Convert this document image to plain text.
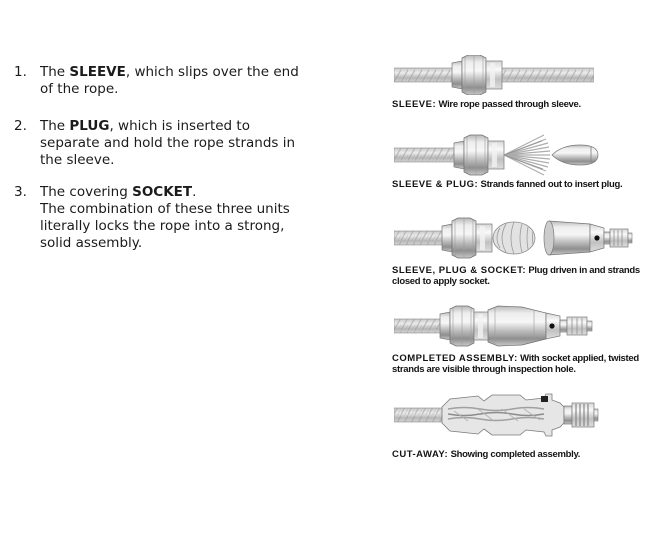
1. The SLEEVE, which slips over the end
of the rope.
2. The PLUG, which is inserted to
separate and hold the rope strands in
the sleeve.
3. The covering SOCKET.
The combination of these three units
literally locks the rope into a strong,
solid assembly.
SLEEVE: Wire rope passed through sleeve.
SLEEVE & PLUG: Strands fanned out to insert plug.
SLEEVE, PLUG & SOCKET: Plug driven in and strands closed to apply socket.
COMPLETED ASSEMBLY: With socket applied, twisted strands are visible through inspection hole.
CUT-AWAY: Showing completed assembly.
